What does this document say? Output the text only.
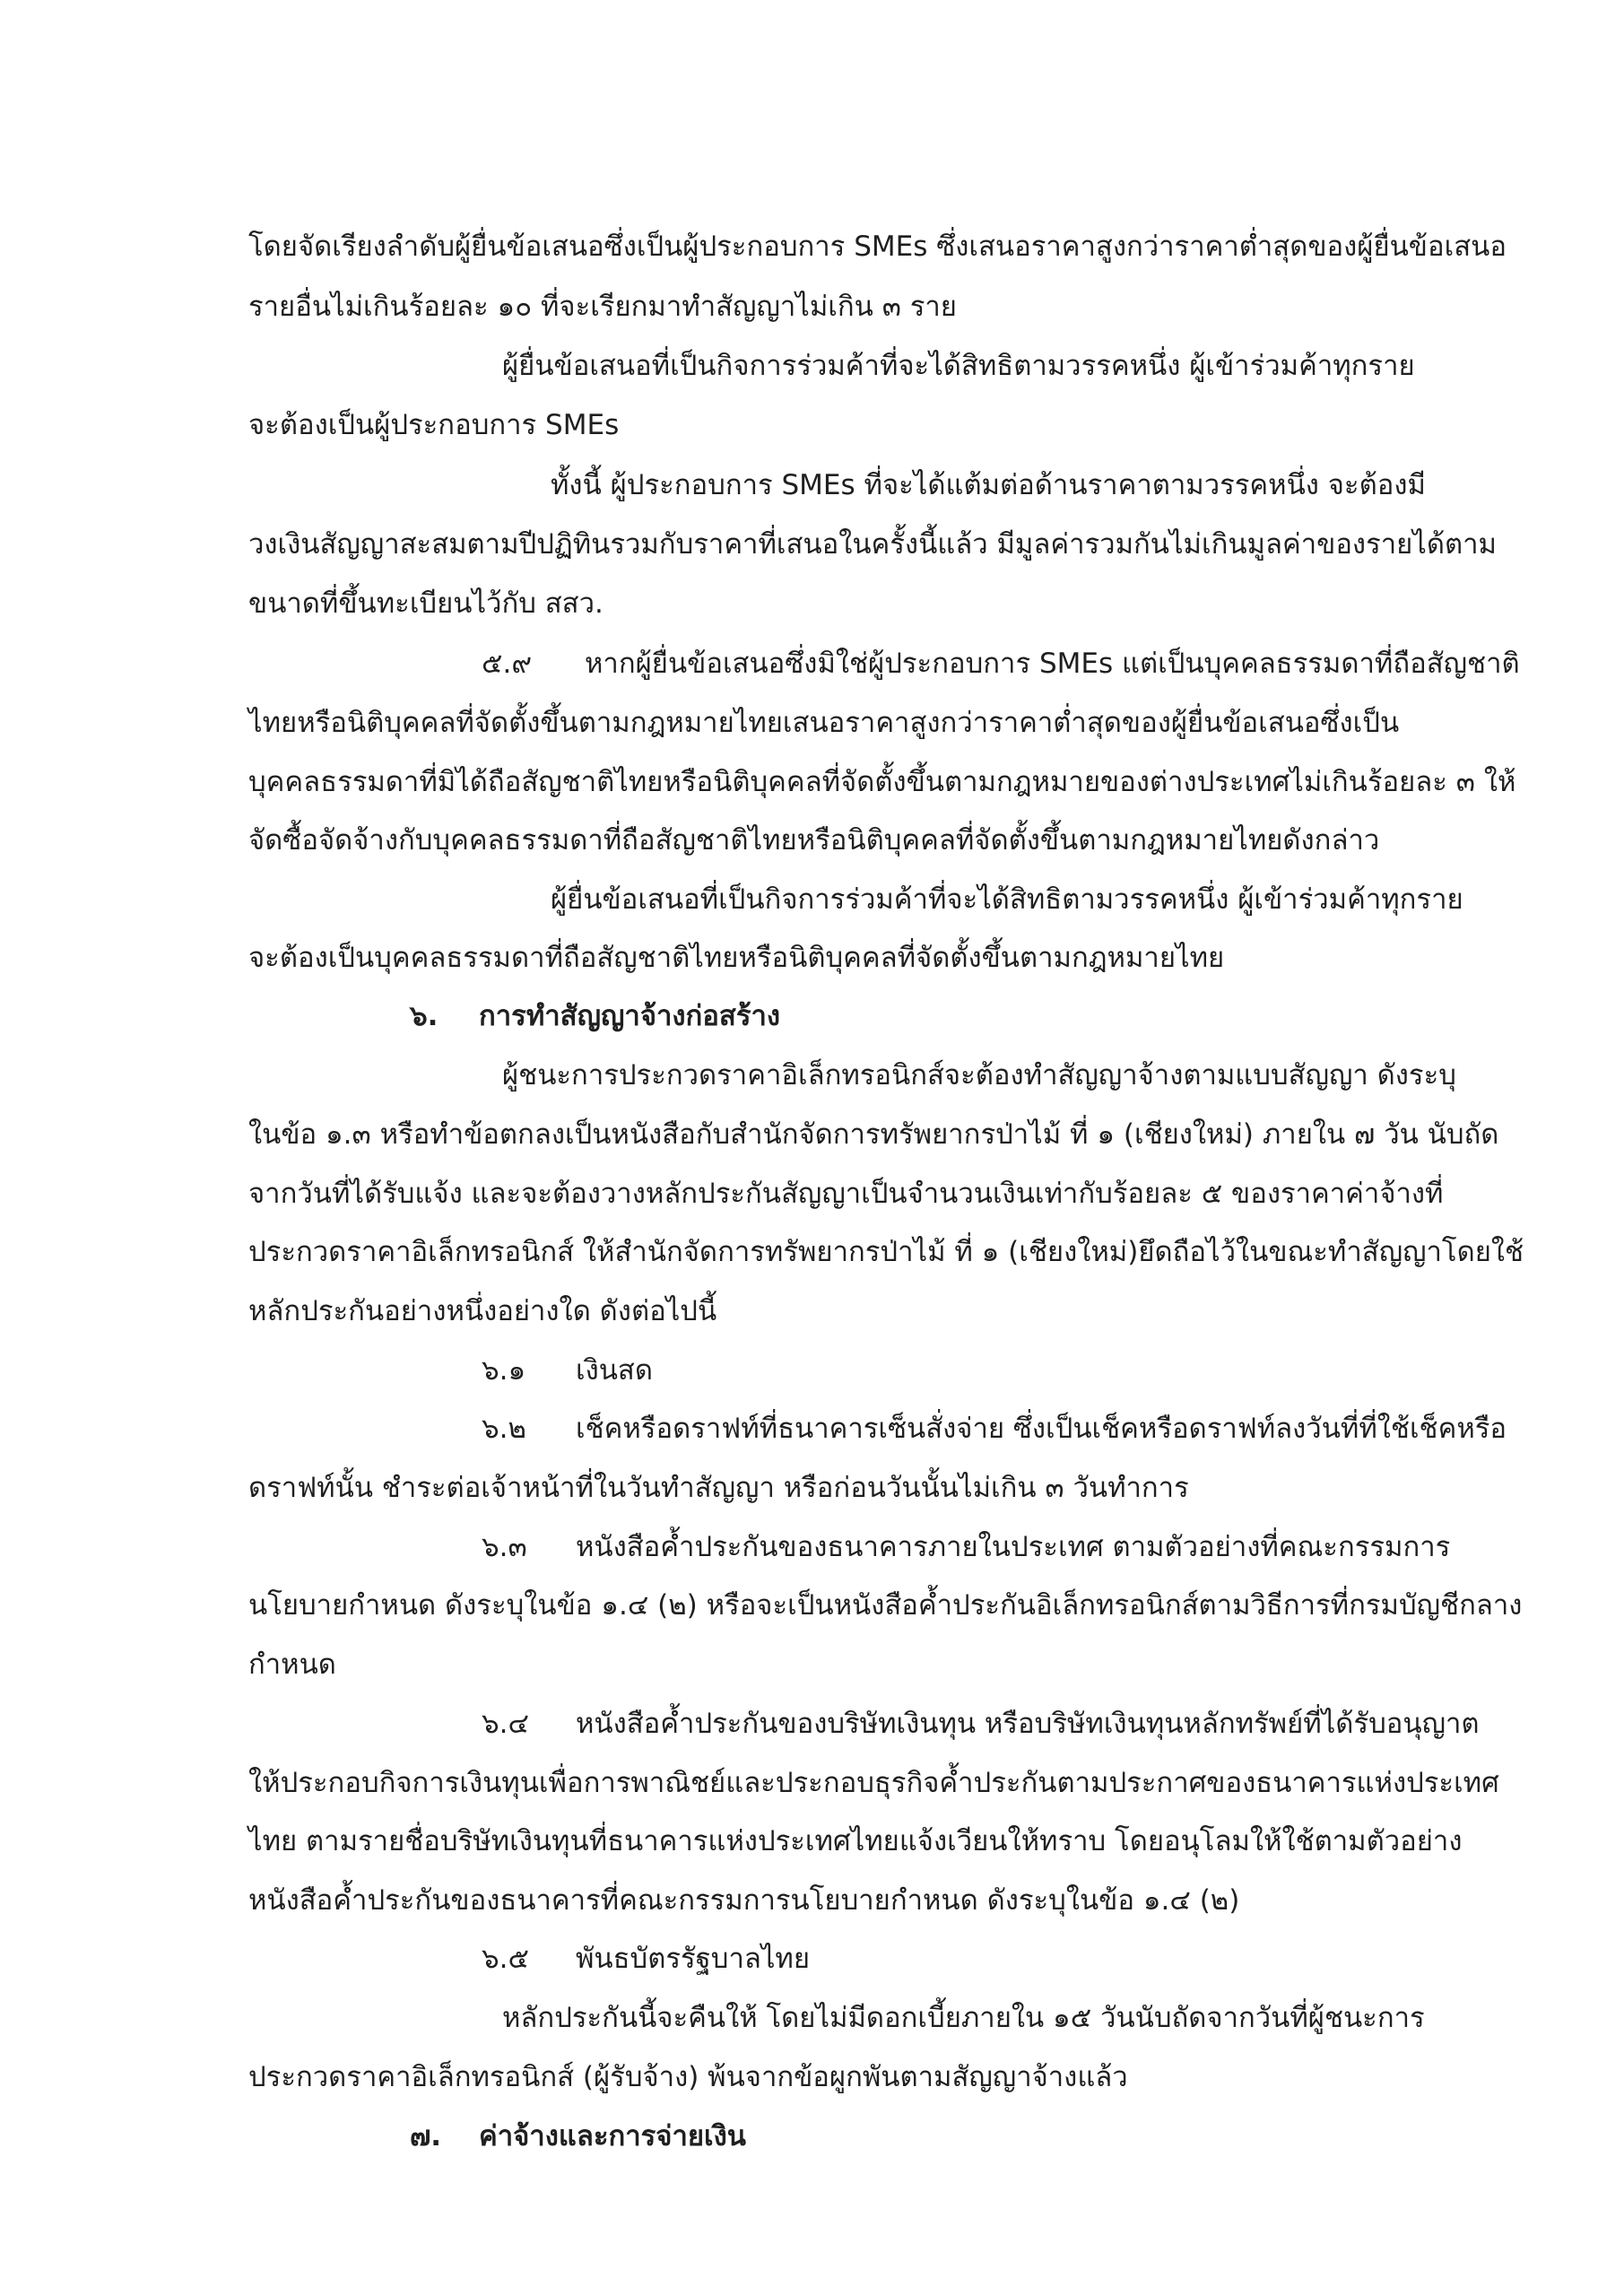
โดยจัดเรียงลำดับผู้ยื่นข้อเสนอซึ่งเป็นผู้ประกอบการ SMEs ซึ่งเสนอราคาสูงกว่าราคาต่ำสุดของผู้ยื่นข้อเสนอ
รายอื่นไม่เกินร้อยละ ๑๐ ที่จะเรียกมาทำสัญญาไม่เกิน ๓ ราย
ผู้ยื่นข้อเสนอที่เป็นกิจการร่วมค้าที่จะได้สิทธิตามวรรคหนึ่ง ผู้เข้าร่วมค้าทุกราย
จะต้องเป็นผู้ประกอบการ SMEs
ทั้งนี้ ผู้ประกอบการ SMEs ที่จะได้แต้มต่อด้านราคาตามวรรคหนึ่ง จะต้องมี
วงเงินสัญญาสะสมตามปีปฏิทินรวมกับราคาที่เสนอในครั้งนี้แล้ว มีมูลค่ารวมกันไม่เกินมูลค่าของรายได้ตาม
ขนาดที่ขึ้นทะเบียนไว้กับ สสว.
๕.๙ หากผู้ยื่นข้อเสนอซึ่งมิใช่ผู้ประกอบการ SMEs แต่เป็นบุคคลธรรมดาที่ถือสัญชาติ
ไทยหรือนิติบุคคลที่จัดตั้งขึ้นตามกฎหมายไทยเสนอราคาสูงกว่าราคาต่ำสุดของผู้ยื่นข้อเสนอซึ่งเป็น
บุคคลธรรมดาที่มิได้ถือสัญชาติไทยหรือนิติบุคคลที่จัดตั้งขึ้นตามกฎหมายของต่างประเทศไม่เกินร้อยละ ๓ ให้
จัดซื้อจัดจ้างกับบุคคลธรรมดาที่ถือสัญชาติไทยหรือนิติบุคคลที่จัดตั้งขึ้นตามกฎหมายไทยดังกล่าว
ผู้ยื่นข้อเสนอที่เป็นกิจการร่วมค้าที่จะได้สิทธิตามวรรคหนึ่ง ผู้เข้าร่วมค้าทุกราย
จะต้องเป็นบุคคลธรรมดาที่ถือสัญชาติไทยหรือนิติบุคคลที่จัดตั้งขึ้นตามกฎหมายไทย
๖. การทำสัญญาจ้างก่อสร้าง
ผู้ชนะการประกวดราคาอิเล็กทรอนิกส์จะต้องทำสัญญาจ้างตามแบบสัญญา ดังระบุ
ในข้อ ๑.๓ หรือทำข้อตกลงเป็นหนังสือกับสำนักจัดการทรัพยากรป่าไม้ ที่ ๑ (เชียงใหม่) ภายใน ๗ วัน นับถัด
จากวันที่ได้รับแจ้ง และจะต้องวางหลักประกันสัญญาเป็นจำนวนเงินเท่ากับร้อยละ ๕ ของราคาค่าจ้างที่
ประกวดราคาอิเล็กทรอนิกส์ ให้สำนักจัดการทรัพยากรป่าไม้ ที่ ๑ (เชียงใหม่)ยึดถือไว้ในขณะทำสัญญาโดยใช้
หลักประกันอย่างหนึ่งอย่างใด ดังต่อไปนี้
๖.๑ เงินสด
๖.๒ เช็คหรือดราฟท์ที่ธนาคารเซ็นสั่งจ่าย ซึ่งเป็นเช็คหรือดราฟท์ลงวันที่ที่ใช้เช็คหรือ
ดราฟท์นั้น ชำระต่อเจ้าหน้าที่ในวันทำสัญญา หรือก่อนวันนั้นไม่เกิน ๓ วันทำการ
๖.๓ หนังสือค้ำประกันของธนาคารภายในประเทศ ตามตัวอย่างที่คณะกรรมการ
นโยบายกำหนด ดังระบุในข้อ ๑.๔ (๒) หรือจะเป็นหนังสือค้ำประกันอิเล็กทรอนิกส์ตามวิธีการที่กรมบัญชีกลาง
กำหนด
๖.๔ หนังสือค้ำประกันของบริษัทเงินทุน หรือบริษัทเงินทุนหลักทรัพย์ที่ได้รับอนุญาต
ให้ประกอบกิจการเงินทุนเพื่อการพาณิชย์และประกอบธุรกิจค้ำประกันตามประกาศของธนาคารแห่งประเทศ
ไทย ตามรายชื่อบริษัทเงินทุนที่ธนาคารแห่งประเทศไทยแจ้งเวียนให้ทราบ โดยอนุโลมให้ใช้ตามตัวอย่าง
หนังสือค้ำประกันของธนาคารที่คณะกรรมการนโยบายกำหนด ดังระบุในข้อ ๑.๔ (๒)
๖.๕ พันธบัตรรัฐบาลไทย
หลักประกันนี้จะคืนให้ โดยไม่มีดอกเบี้ยภายใน ๑๕ วันนับถัดจากวันที่ผู้ชนะการ
ประกวดราคาอิเล็กทรอนิกส์ (ผู้รับจ้าง) พ้นจากข้อผูกพันตามสัญญาจ้างแล้ว
๗. ค่าจ้างและการจ่ายเงิน
